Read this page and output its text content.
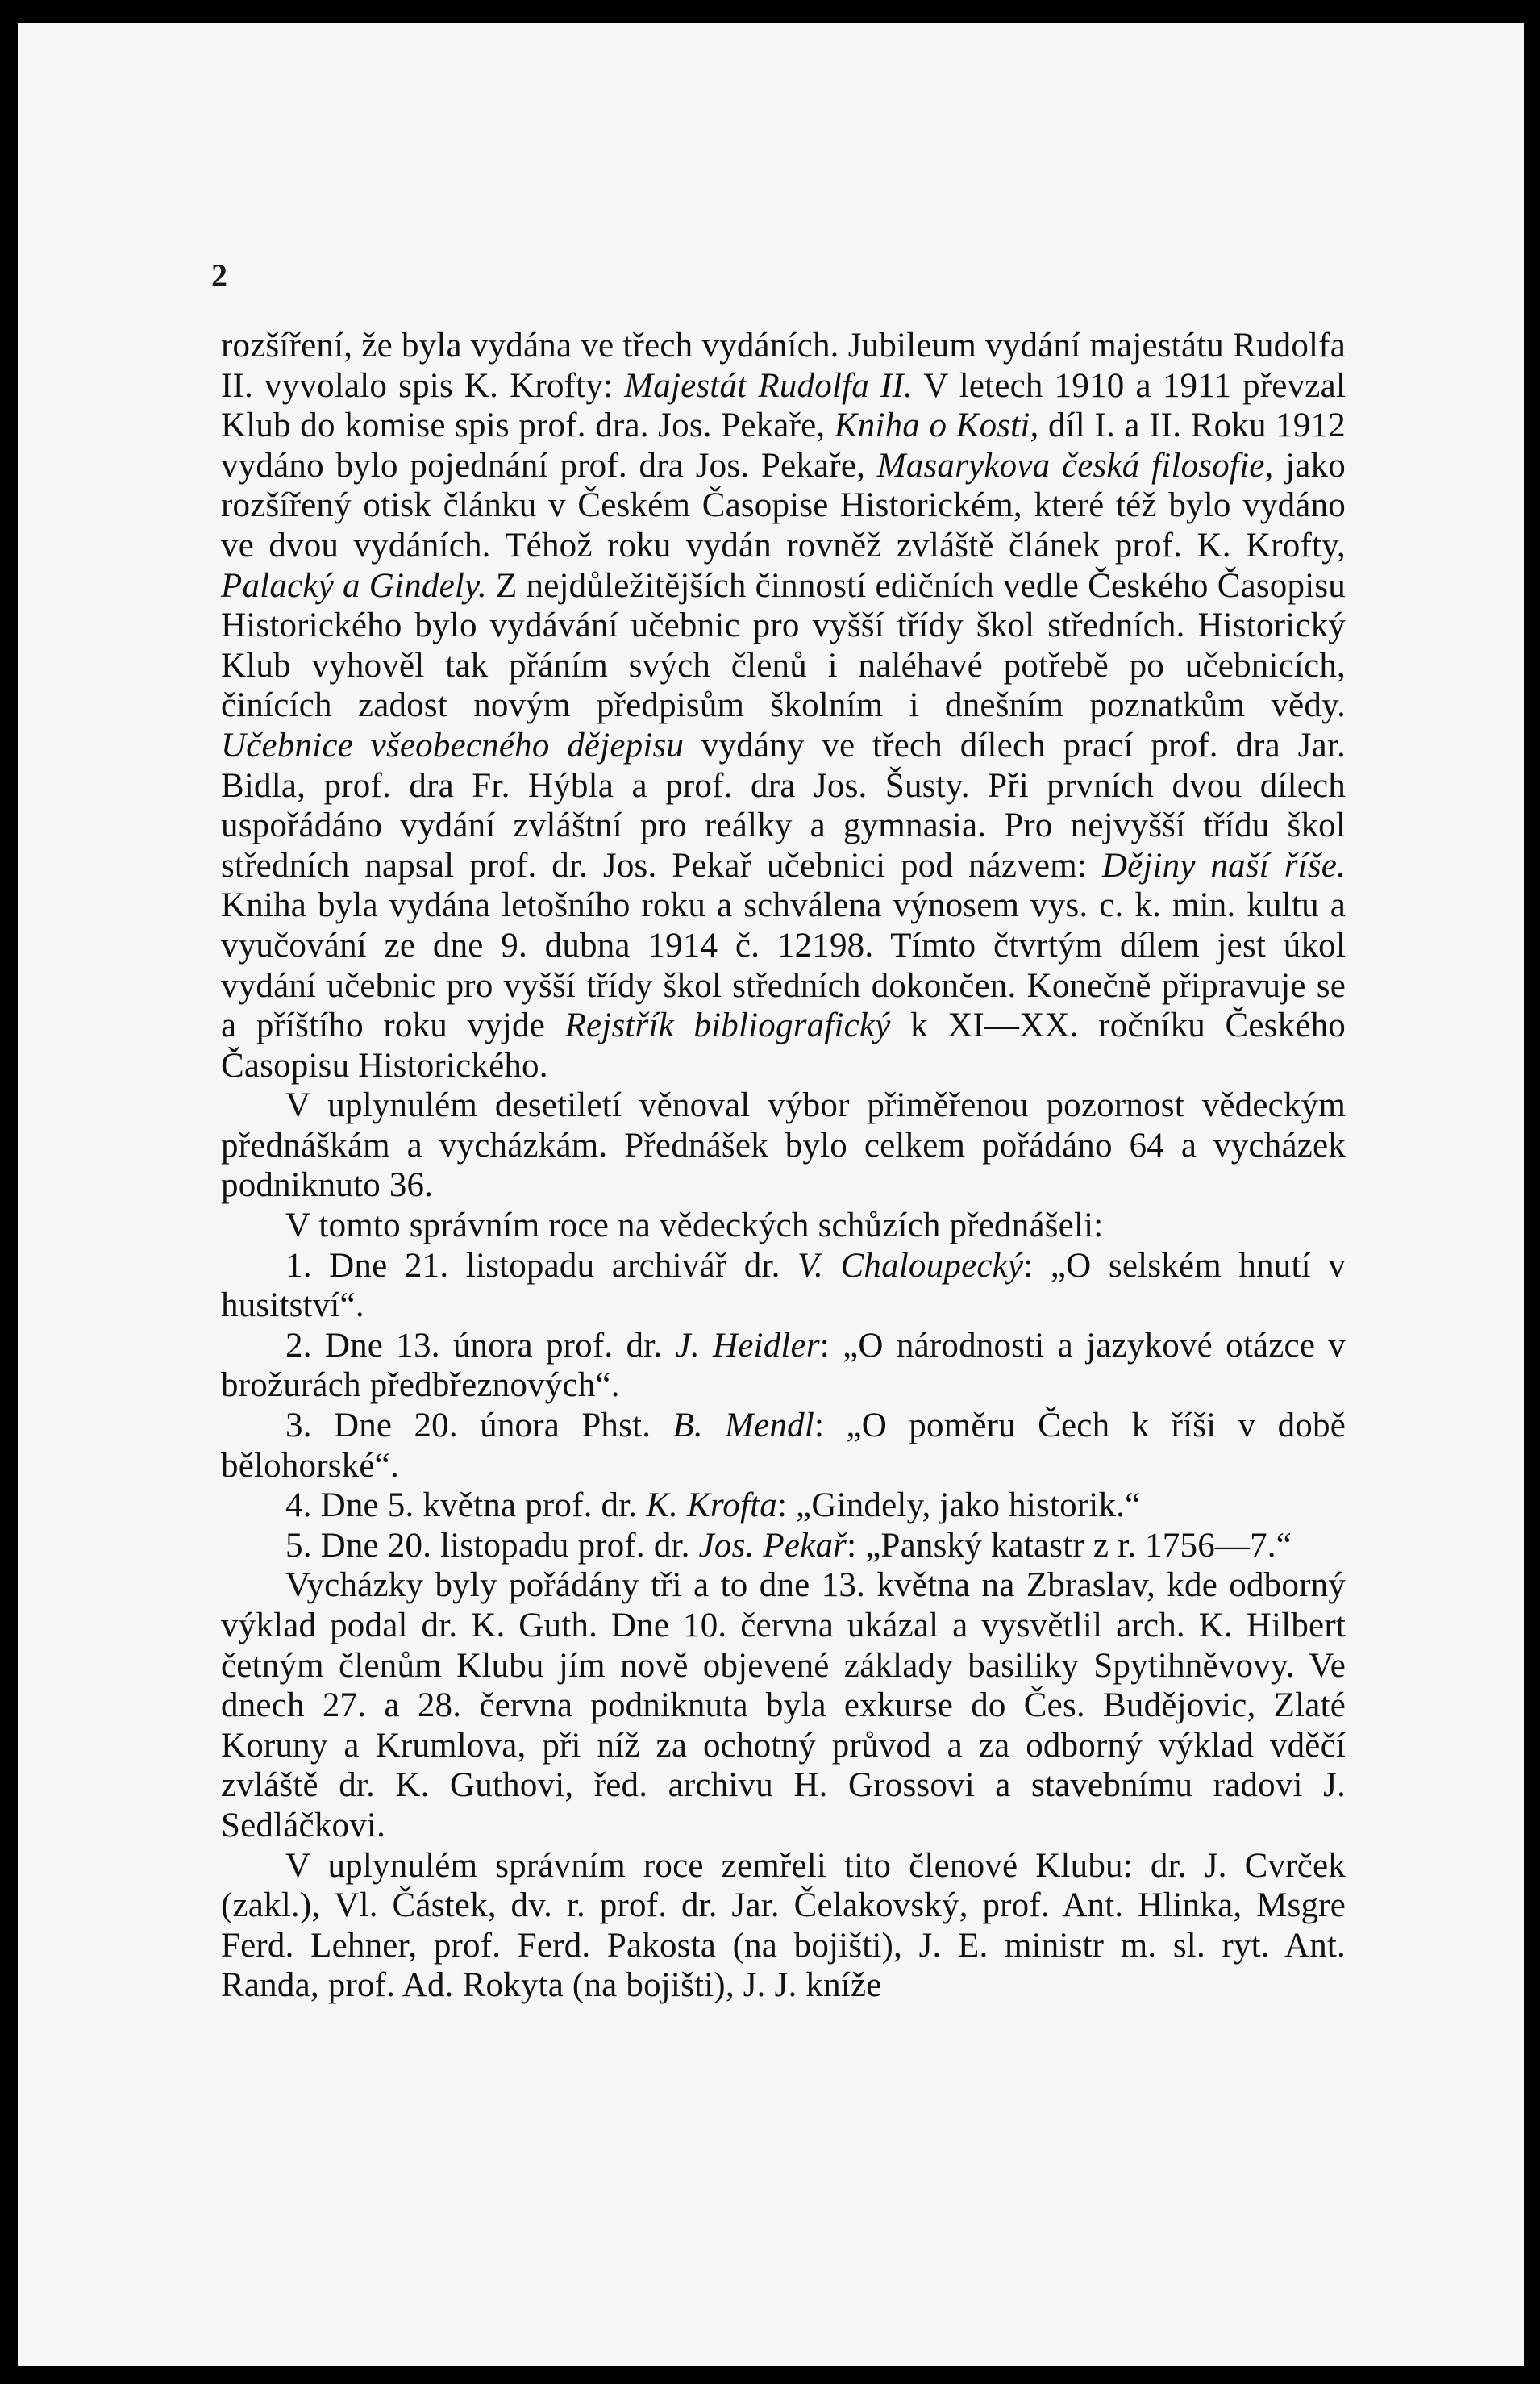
2

rozšíření, že byla vydána ve třech vydáních. Jubileum vydání majestátu Rudolfa II. vyvolalo spis K. Krofty: Majestát Rudolfa II. V letech 1910 a 1911 převzal Klub do komise spis prof. dra. Jos. Pekaře, Kniha o Kosti, díl I. a II. Roku 1912 vydáno bylo pojednání prof. dra Jos. Pekaře, Masarykova česká filosofie, jako rozšířený otisk článku v Českém Časopise Historickém, které též bylo vydáno ve dvou vydáních. Téhož roku vydán rovněž zvláště článek prof. K. Krofty, Palacký a Gindely. Z nejdůležitějších činností edičních vedle Českého Časopisu Historického bylo vydávání učebnic pro vyšší třídy škol středních. Historický Klub vyhověl tak přáním svých členů i naléhavé potřebě po učebnicích, činících zadost novým předpisům školním i dnešním poznatkům vědy. Učebnice všeobecného dějepisu vydány ve třech dílech prací prof. dra Jar. Bidla, prof. dra Fr. Hýbla a prof. dra Jos. Šusty. Při prvních dvou dílech uspořádáno vydání zvláštní pro reálky a gymnasia. Pro nejvyšší třídu škol středních napsal prof. dr. Jos. Pekař učebnici pod názvem: Dějiny naší říše. Kniha byla vydána letošního roku a schválena výnosem vys. c. k. min. kultu a vyučování ze dne 9. dubna 1914 č. 12198. Tímto čtvrtým dílem jest úkol vydání učebnic pro vyšší třídy škol středních dokončen. Konečně připravuje se a příštího roku vyjde Rejstřík bibliografický k XI—XX. ročníku Českého Časopisu Historického.

V uplynulém desetiletí věnoval výbor přiměřenou pozornost vědeckým přednáškám a vycházkám. Přednášek bylo celkem pořádáno 64 a vycházek podniknuto 36.

V tomto správním roce na vědeckých schůzích přednášeli:

1. Dne 21. listopadu archivář dr. V. Chaloupecký: „O selském hnutí v husitství“.

2. Dne 13. února prof. dr. J. Heidler: „O národnosti a jazykové otázce v brožurách předbřeznových“.

3. Dne 20. února Phst. B. Mendl: „O poměru Čech k říši v době bělohorské“.

4. Dne 5. května prof. dr. K. Krofta: „Gindely, jako historik.“

5. Dne 20. listopadu prof. dr. Jos. Pekař: „Panský katastr z r. 1756—7.“

Vycházky byly pořádány tři a to dne 13. května na Zbraslav, kde odborný výklad podal dr. K. Guth. Dne 10. června ukázal a vysvětlil arch. K. Hilbert četným členům Klubu jím nově objevené základy basiliky Spytihněvovy. Ve dnech 27. a 28. června podniknuta byla exkurse do Čes. Budějovic, Zlaté Koruny a Krumlova, při níž za ochotný průvod a za odborný výklad vděčí zvláště dr. K. Guthovi, řed. archivu H. Grossovi a stavebnímu radovi J. Sedláčkovi.

V uplynulém správním roce zemřeli tito členové Klubu: dr. J. Cvrček (zakl.), Vl. Částek, dv. r. prof. dr. Jar. Čelakovský, prof. Ant. Hlinka, Msgre Ferd. Lehner, prof. Ferd. Pakosta (na bojišti), J. E. ministr m. sl. ryt. Ant. Randa, prof. Ad. Rokyta (na bojišti), J. J. kníže
